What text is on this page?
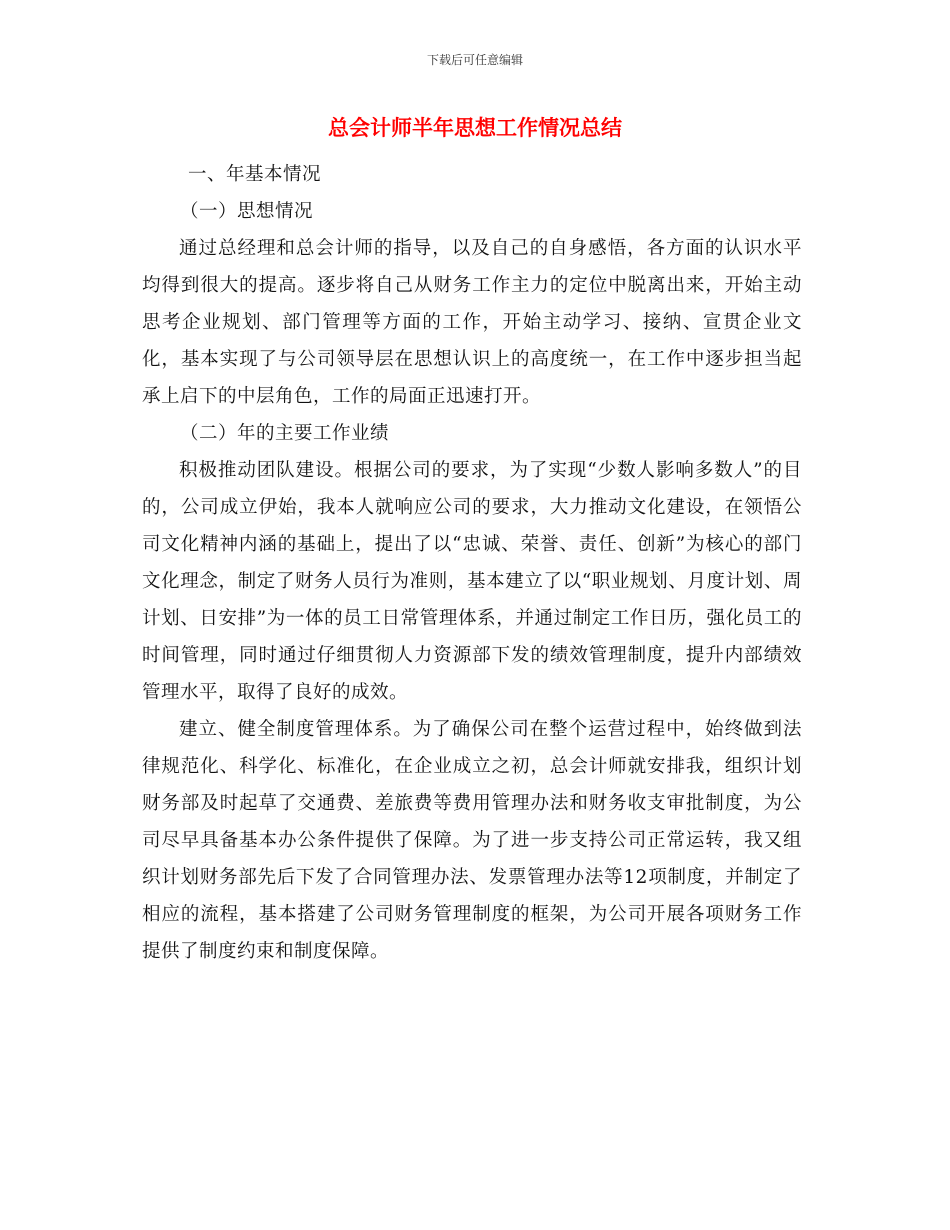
下载后可任意编辑
总会计师半年思想工作情况总结

一、年基本情况

（一）思想情况

通过总经理和总会计师的指导，以及自己的自身感悟，各方面的认识水平均得到很大的提高。逐步将自己从财务工作主力的定位中脱离出来，开始主动思考企业规划、部门管理等方面的工作，开始主动学习、接纳、宣贯企业文化，基本实现了与公司领导层在思想认识上的高度统一，在工作中逐步担当起承上启下的中层角色，工作的局面正迅速打开。

（二）年的主要工作业绩

积极推动团队建设。根据公司的要求，为了实现“少数人影响多数人”的目的，公司成立伊始，我本人就响应公司的要求，大力推动文化建设，在领悟公司文化精神内涵的基础上，提出了以“忠诚、荣誉、责任、创新”为核心的部门文化理念，制定了财务人员行为准则，基本建立了以“职业规划、月度计划、周计划、日安排”为一体的员工日常管理体系，并通过制定工作日历，强化员工的时间管理，同时通过仔细贯彻人力资源部下发的绩效管理制度，提升内部绩效管理水平，取得了良好的成效。

建立、健全制度管理体系。为了确保公司在整个运营过程中，始终做到法律规范化、科学化、标准化，在企业成立之初，总会计师就安排我，组织计划财务部及时起草了交通费、差旅费等费用管理办法和财务收支审批制度，为公司尽早具备基本办公条件提供了保障。为了进一步支持公司正常运转，我又组织计划财务部先后下发了合同管理办法、发票管理办法等12项制度，并制定了相应的流程，基本搭建了公司财务管理制度的框架，为公司开展各项财务工作提供了制度约束和制度保障。
